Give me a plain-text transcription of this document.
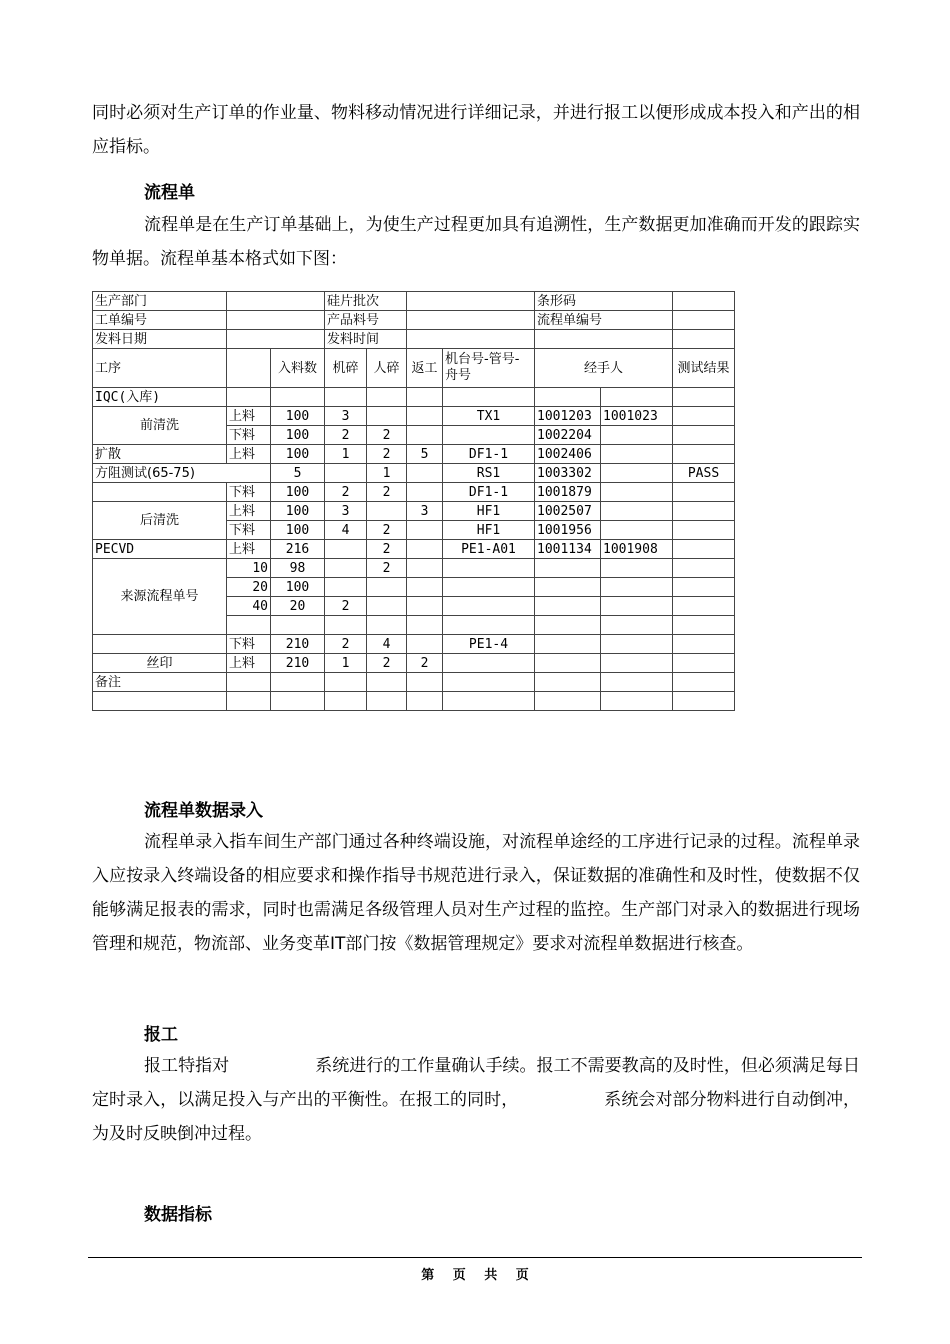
同时必须对生产订单的作业量、物料移动情况进行详细记录，并进行报工以便形成成本投入和产出的相应指标。

流程单

流程单是在生产订单基础上，为使生产过程更加具有追溯性，生产数据更加准确而开发的跟踪实物单据。流程单基本格式如下图：

生产部门			硅片批次				条形码		
工单编号			产品料号				流程单编号		
发料日期			发料时间						
工序		入料数	机碎	人碎	返工	机台号-管号-舟号	经手人		测试结果
IQC(入库)									
前清洗	上料	100	3			TX1	1001203	1001023	
	下料	100	2	2			1002204		
扩散	上料	100	1	2	5	DF1-1	1002406		
方阻测试(65-75)		5		1		RS1	1003302		PASS
	下料	100	2	2		DF1-1	1001879		
后清洗	上料	100	3		3	HF1	1002507		
	下料	100	4	2		HF1	1001956		
PECVD	上料	216		2		PE1-A01	1001134	1001908	
来源流程单号	10	98		2					
	20	100							
	40	20	2						

	下料	210	2	4		PE1-4			
丝印	上料	210	1	2	2				
备注									

流程单数据录入

流程单录入指车间生产部门通过各种终端设施，对流程单途经的工序进行记录的过程。流程单录入应按录入终端设备的相应要求和操作指导书规范进行录入，保证数据的准确性和及时性，使数据不仅能够满足报表的需求，同时也需满足各级管理人员对生产过程的监控。生产部门对录入的数据进行现场管理和规范，物流部、业务变革IT部门按《数据管理规定》要求对流程单数据进行核查。

报工

报工特指对	系统进行的工作量确认手续。报工不需要教高的及时性，但必须满足每日定时录入，以满足投入与产出的平衡性。在报工的同时，	系统会对部分物料进行自动倒冲，为及时反映倒冲过程。

数据指标

第 页 共 页
